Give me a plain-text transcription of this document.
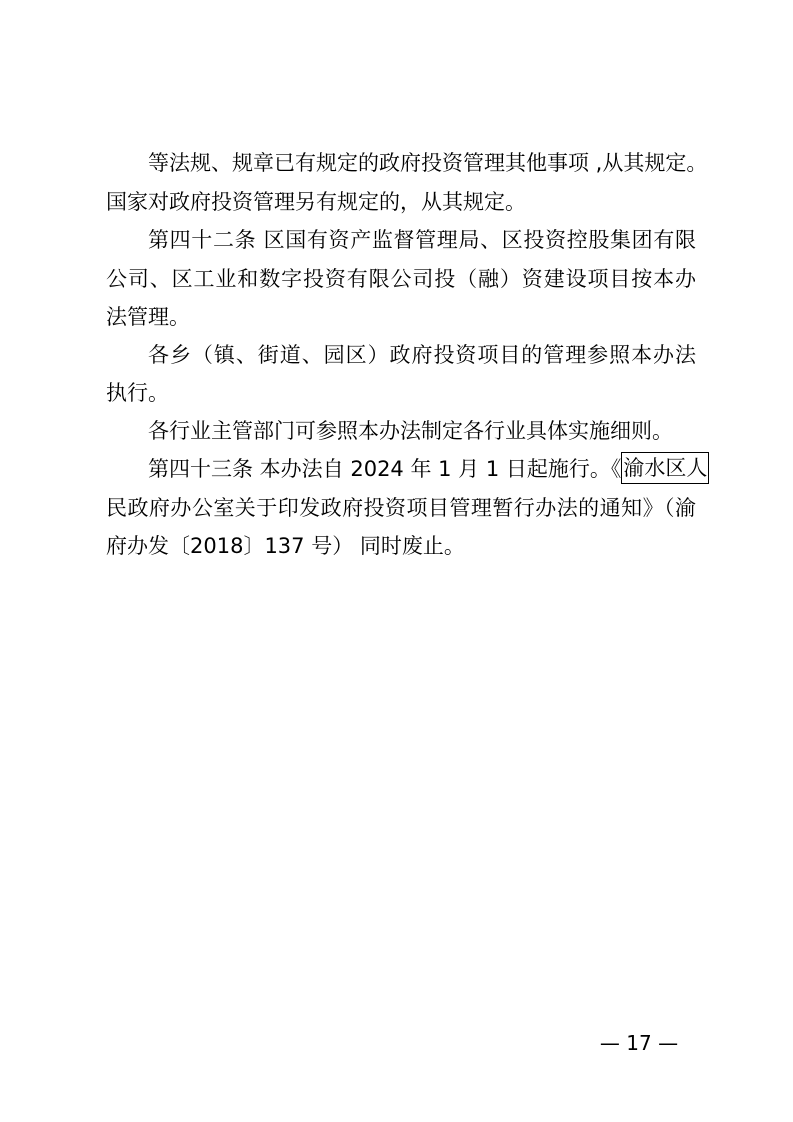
等法规、规章已有规定的政府投资管理其他事项 ,从其规定。
国家对政府投资管理另有规定的，从其规定。
第四十二条 区国有资产监督管理局、区投资控股集团有限
公司、区工业和数字投资有限公司投（融）资建设项目按本办
法管理。
各乡（镇、街道、园区）政府投资项目的管理参照本办法
执行。
各行业主管部门可参照本办法制定各行业具体实施细则。
第四十三条 本办法自 2024 年 1 月 1 日起施行。《渝水区人
民政府办公室关于印发政府投资项目管理暂行办法的通知》（渝
府办发〔2018〕137 号） 同时废止。
— 17 —
